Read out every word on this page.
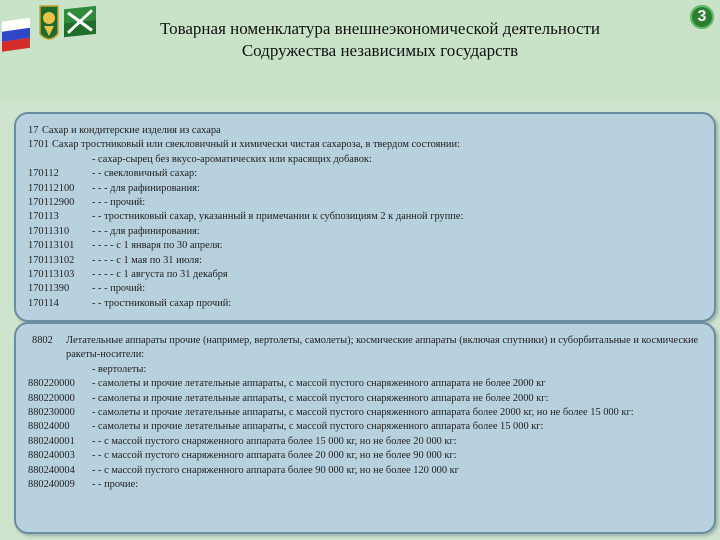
Товарная номенклатура внешнеэкономической деятельности
Содружества независимых государств
3
17 Сахар и кондитерские изделия из сахара
1701 Сахар тростниковый или свекловичный и химически чистая сахароза, в твердом состоянии:
- сахар-сырец без вкусо-ароматических или красящих добавок:
170112	- - свекловичный сахар:
170112100	- - - для рафинирования:
170112900	- - - прочий:
170113	- - тростниковый сахар, указанный в примечании к субпозициям 2 к данной группе:
17011310	- - - для рафинирования:
170113101	- - - - с 1 января по 30 апреля:
170113102	- - - - с 1 мая по 31 июля:
170113103	- - - - с 1 августа по 31 декабря
17011390	- - - прочий:
170114	- - тростниковый сахар прочий:
8802	Летательные аппараты прочие (например, вертолеты, самолеты); космические аппараты (включая спутники) и суборбитальные и космические ракеты-носители:
- вертолеты:
880220000	- самолеты и прочие летательные аппараты, с массой пустого снаряженного аппарата не более 2000 кг
880220000	- самолеты и прочие летательные аппараты, с массой пустого снаряженного аппарата не более 2000 кг:
880230000	- самолеты и прочие летательные аппараты, с массой пустого снаряженного аппарата более 2000 кг, но не более 15 000 кг:
88024000	- самолеты и прочие летательные аппараты, с массой пустого снаряженного аппарата более 15 000 кг:
880240001	- - с массой пустого снаряженного аппарата более 15 000 кг, но не более 20 000 кг:
880240003	- - с массой пустого снаряженного аппарата более 20 000 кг, но не более 90 000 кг:
880240004	- - с массой пустого снаряженного аппарата более 90 000 кг, но не более 120 000 кг
880240009	- - прочие:
